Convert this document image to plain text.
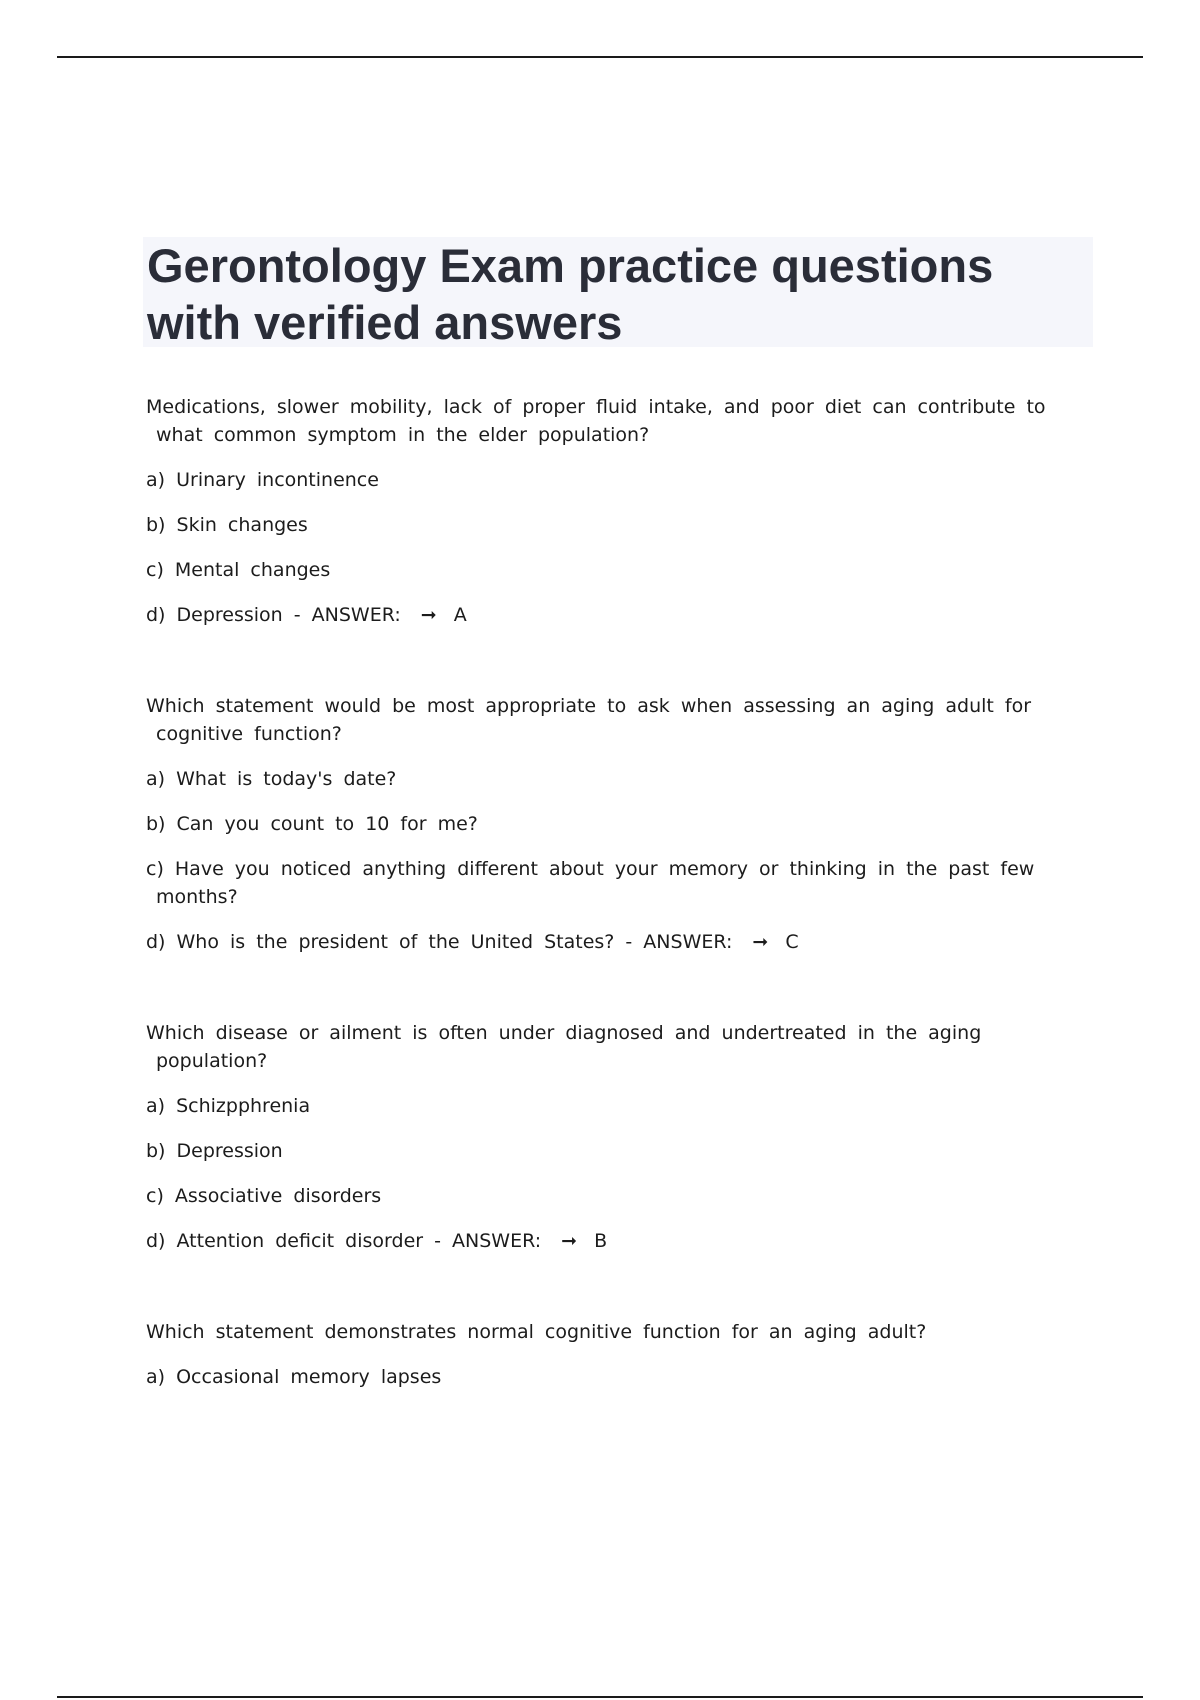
Gerontology Exam practice questions
with verified answers

Medications, slower mobility, lack of proper fluid intake, and poor diet can contribute to
what common symptom in the elder population?

a) Urinary incontinence

b) Skin changes

c) Mental changes

d) Depression - ANSWER: ➞ A

Which statement would be most appropriate to ask when assessing an aging adult for
cognitive function?

a) What is today's date?

b) Can you count to 10 for me?

c) Have you noticed anything different about your memory or thinking in the past few
months?

d) Who is the president of the United States? - ANSWER: ➞ C

Which disease or ailment is often under diagnosed and undertreated in the aging
population?

a) Schizpphrenia

b) Depression

c) Associative disorders

d) Attention deficit disorder - ANSWER: ➞ B

Which statement demonstrates normal cognitive function for an aging adult?

a) Occasional memory lapses
